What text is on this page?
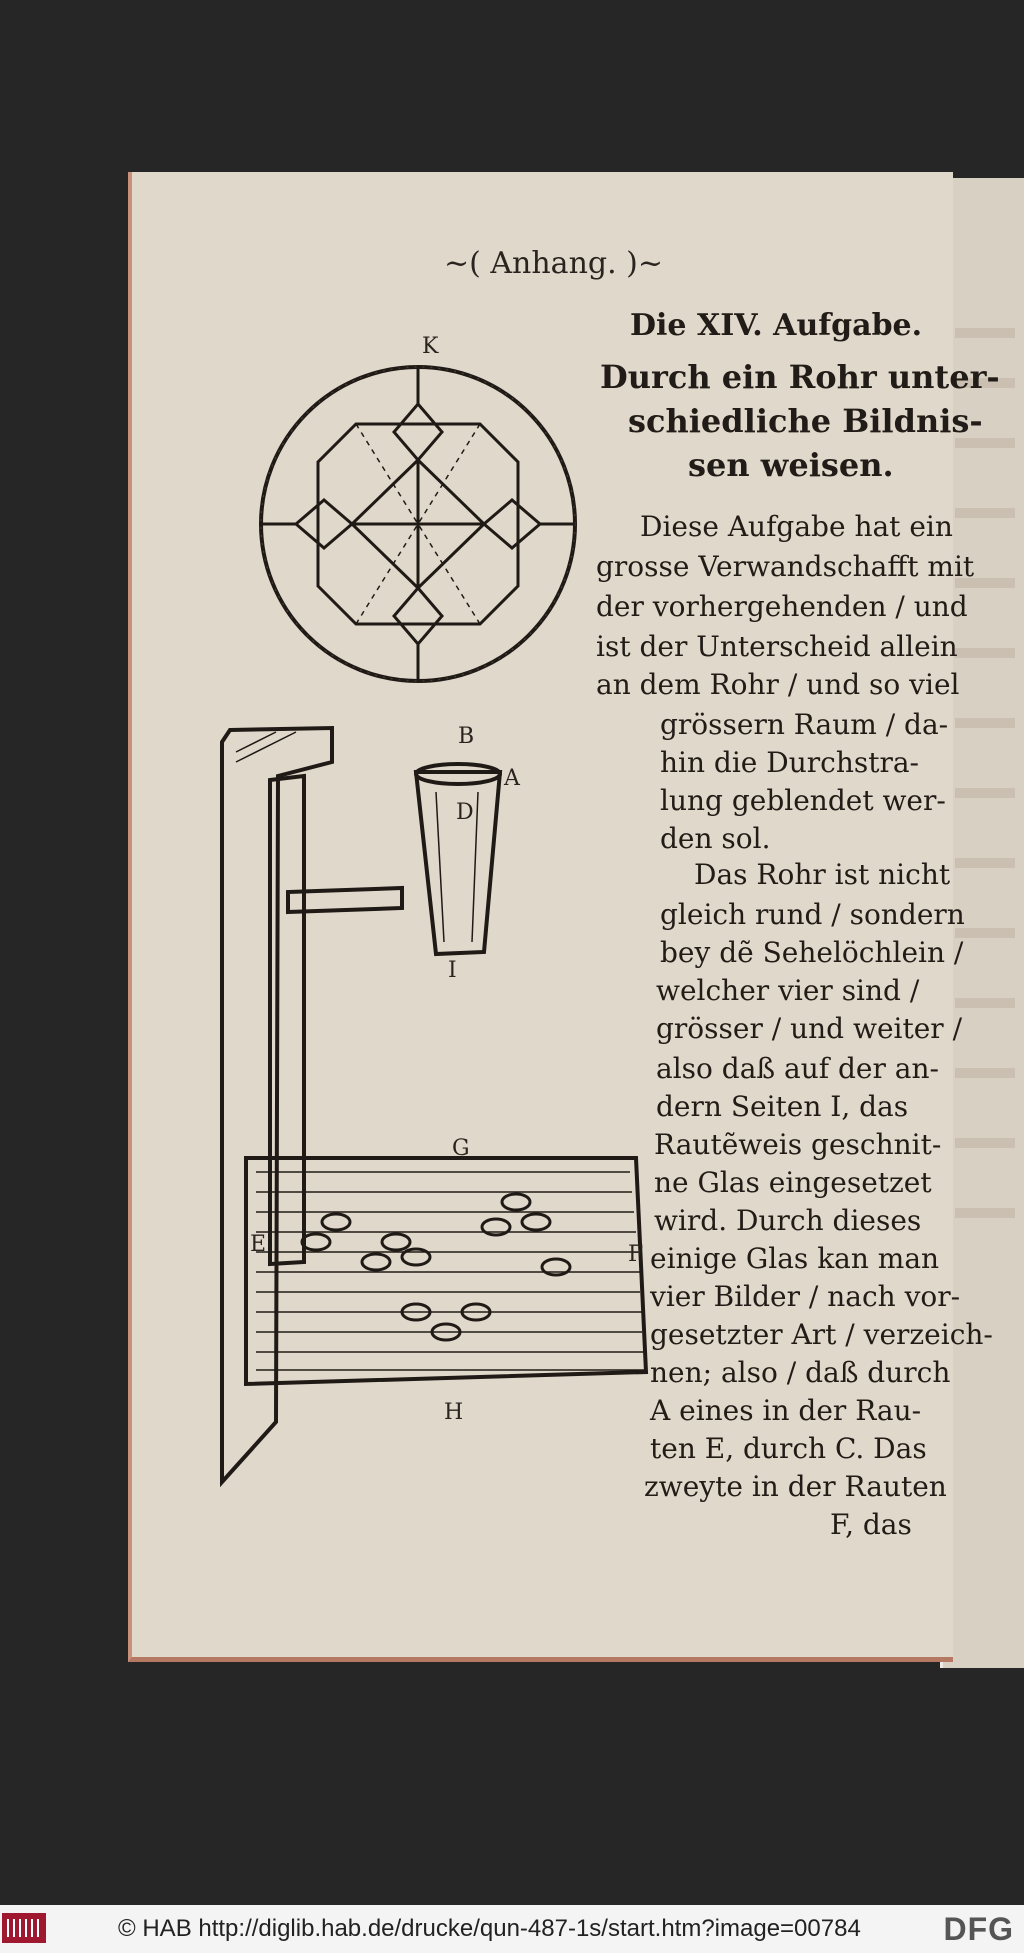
~( Anhang. )~
Die XIV. Aufgabe.
Durch ein Rohr unter-
schiedliche Bildnis-
sen weisen.
Diese Aufgabe hat ein
grosse Verwandschafft mit
der vorhergehenden / und
ist der Unterscheid allein
an dem Rohr / und so viel
grössern Raum / da-
hin die Durchstra-
lung geblendet wer-
den sol.
Das Rohr ist nicht
gleich rund / sondern
bey dẽ Sehelöchlein /
welcher vier sind /
grösser / und weiter /
also daß auf der an-
dern Seiten I, das
Rautẽweis geschnit-
ne Glas eingesetzet
wird. Durch dieses
einige Glas kan man
vier Bilder / nach vor-
gesetzter Art / verzeich-
nen; also / daß durch
A eines in der Rau-
ten E, durch C. Das
zweyte in der Rauten
F, das
K
B
A
D
I
G
E	F
H
© HAB http://diglib.hab.de/drucke/qun-487-1s/start.htm?image=00784	DFG
